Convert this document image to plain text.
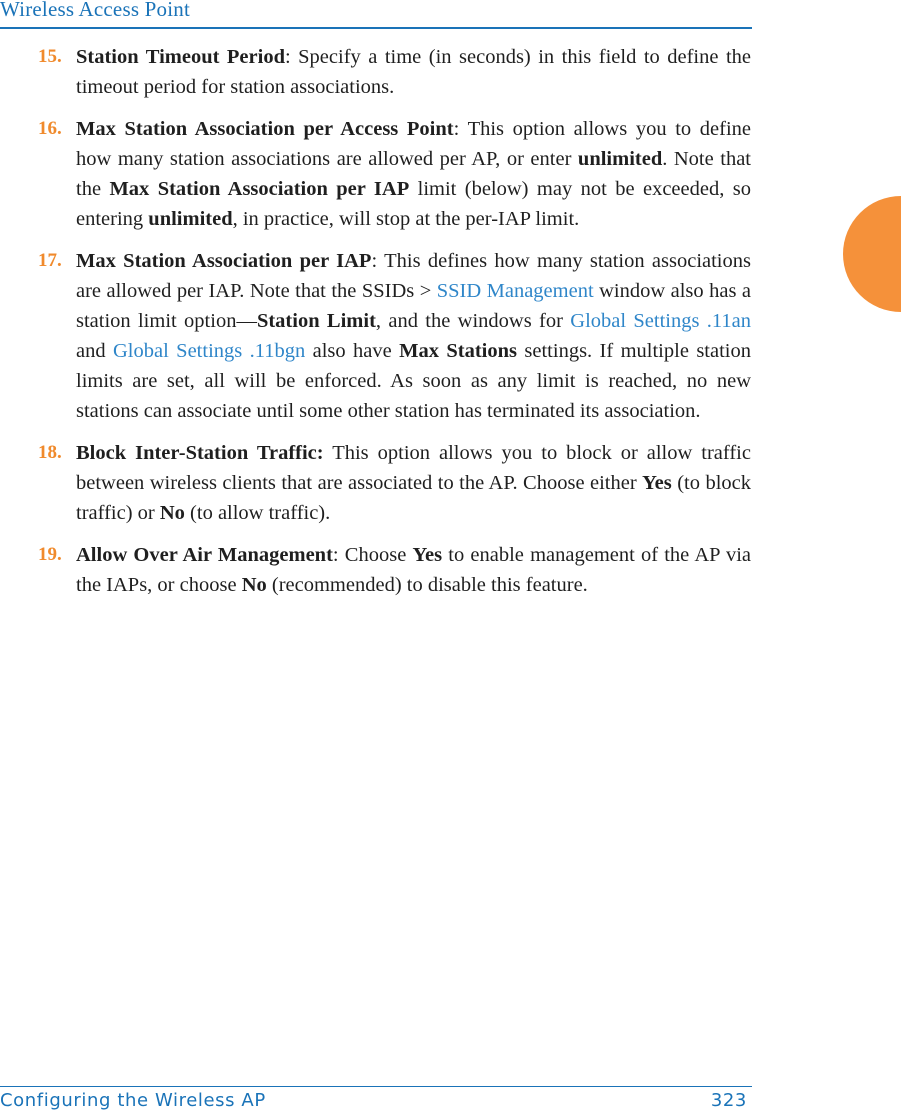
Wireless Access Point
15. Station Timeout Period: Specify a time (in seconds) in this field to define the timeout period for station associations.
16. Max Station Association per Access Point: This option allows you to define how many station associations are allowed per AP, or enter unlimited. Note that the Max Station Association per IAP limit (below) may not be exceeded, so entering unlimited, in practice, will stop at the per-IAP limit.
17. Max Station Association per IAP: This defines how many station associations are allowed per IAP. Note that the SSIDs > SSID Management window also has a station limit option—Station Limit, and the windows for Global Settings .11an and Global Settings .11bgn also have Max Stations settings. If multiple station limits are set, all will be enforced. As soon as any limit is reached, no new stations can associate until some other station has terminated its association.
18. Block Inter-Station Traffic: This option allows you to block or allow traffic between wireless clients that are associated to the AP. Choose either Yes (to block traffic) or No (to allow traffic).
19. Allow Over Air Management: Choose Yes to enable management of the AP via the IAPs, or choose No (recommended) to disable this feature.
Configuring the Wireless AP	323
